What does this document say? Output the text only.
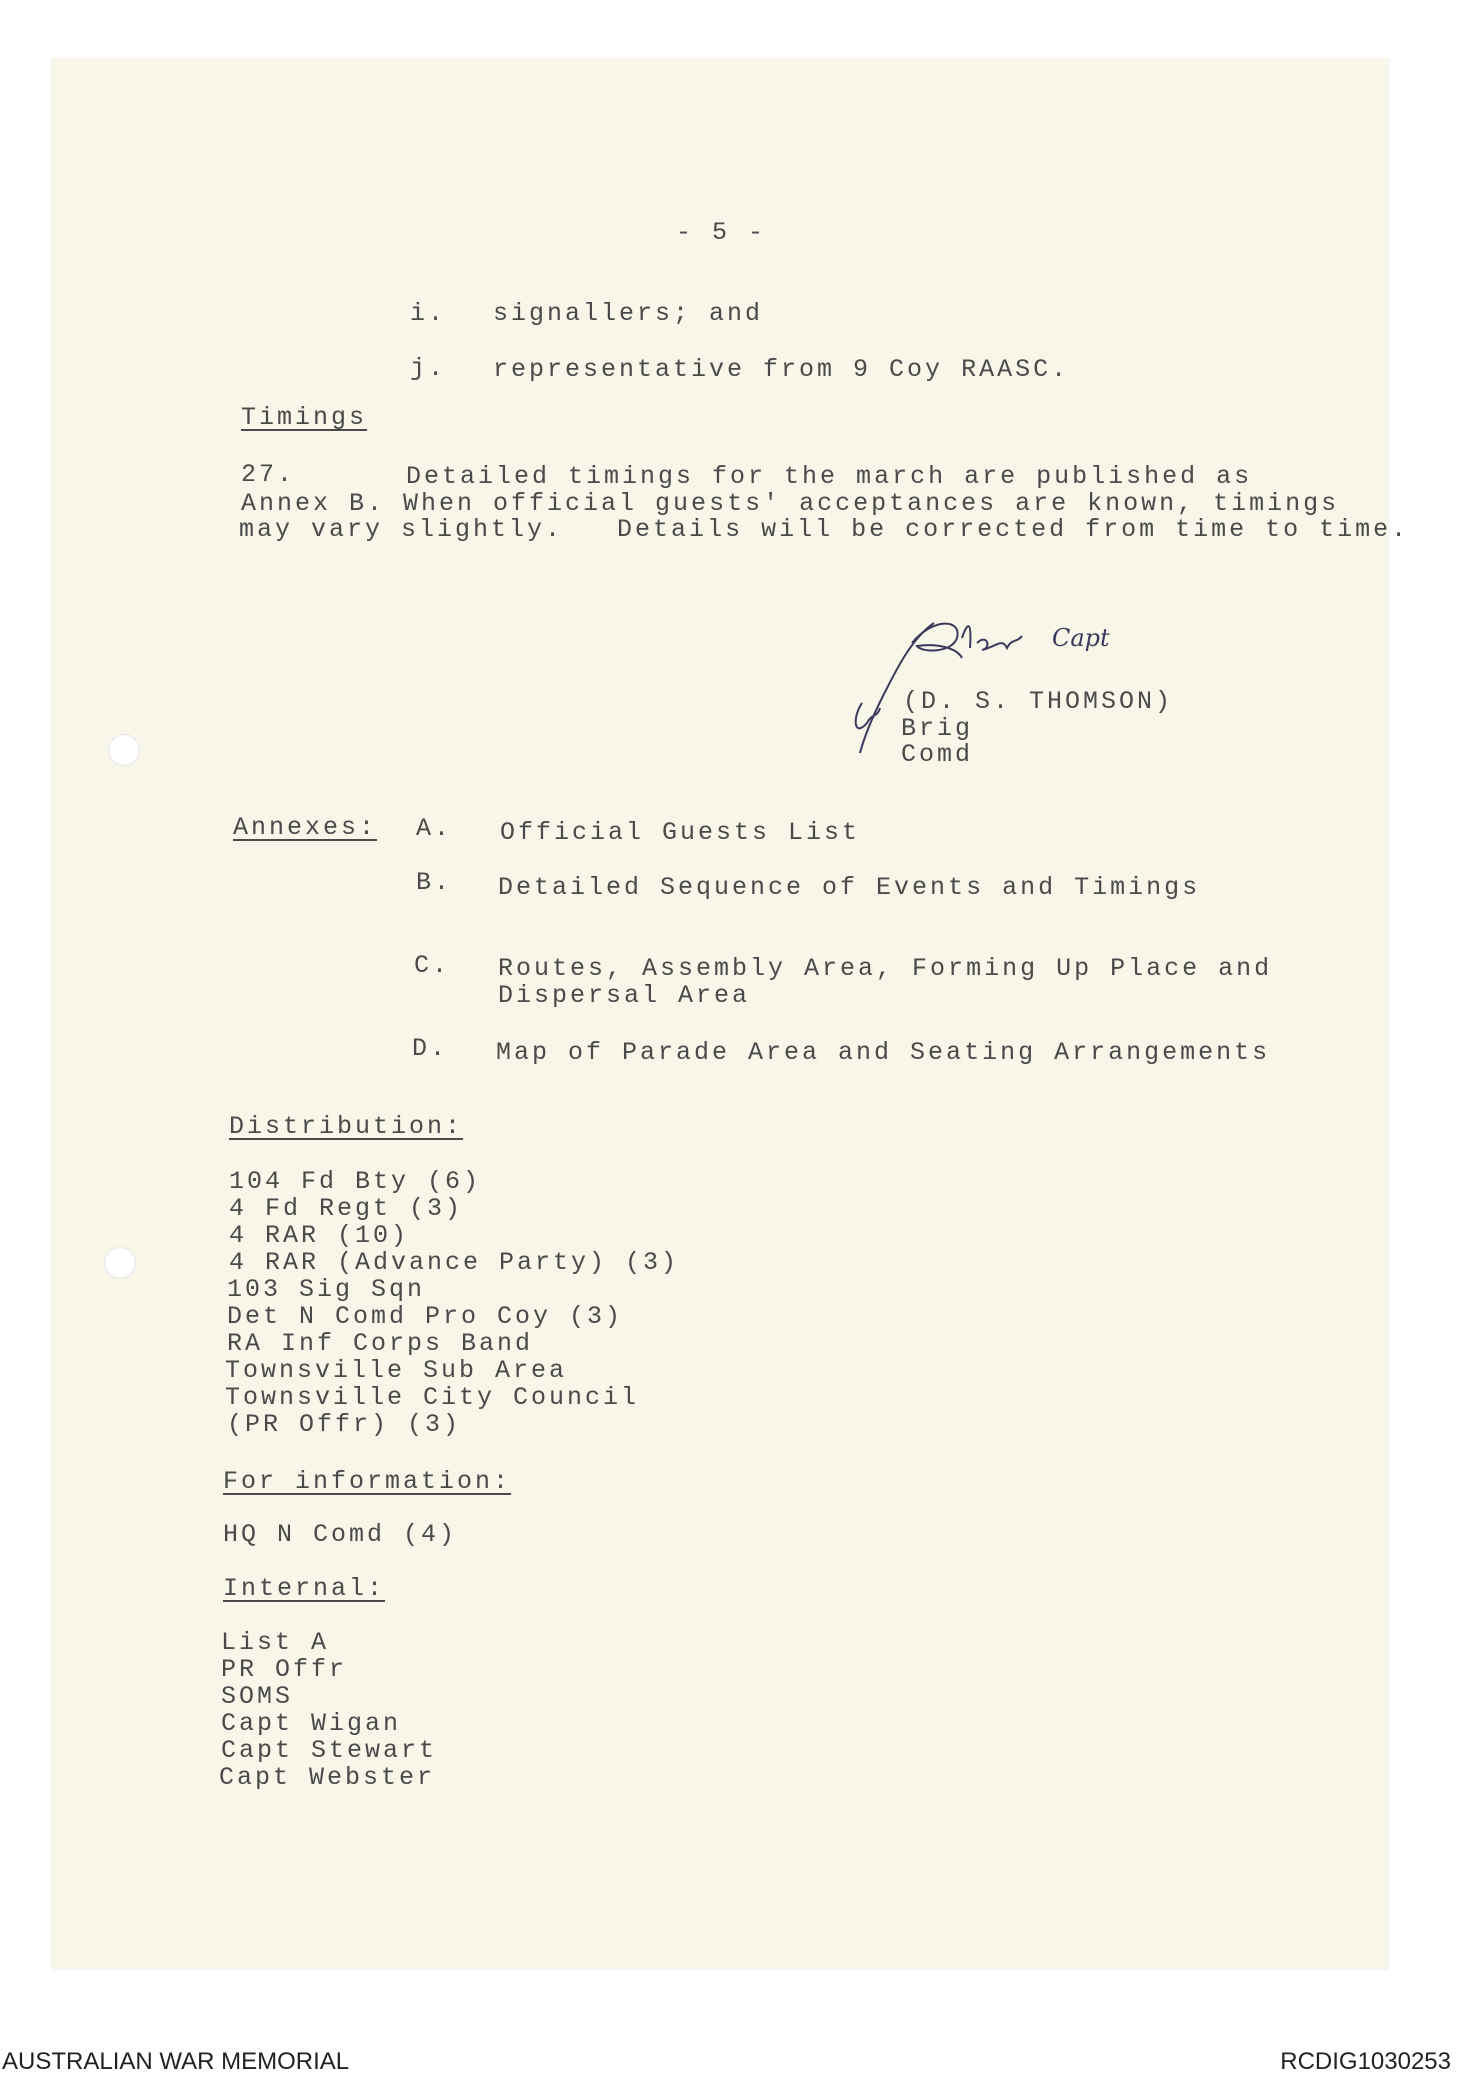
- 5 -
i. signallers; and
j. representative from 9 Coy RAASC.
Timings
27.	Detailed timings for the march are published as
Annex B. When official guests' acceptances are known, timings
may vary slightly.   Details will be corrected from time to time.
Capt
(D. S. THOMSON)
Brig
Comd
Annexes: A. Official Guests List
B. Detailed Sequence of Events and Timings
C. Routes, Assembly Area, Forming Up Place and
Dispersal Area
D. Map of Parade Area and Seating Arrangements
Distribution:
104 Fd Bty (6)
4 Fd Regt (3)
4 RAR (10)
4 RAR (Advance Party) (3)
103 Sig Sqn
Det N Comd Pro Coy (3)
RA Inf Corps Band
Townsville Sub Area
Townsville City Council
(PR Offr) (3)
For information:
HQ N Comd (4)
Internal:
List A
PR Offr
SOMS
Capt Wigan
Capt Stewart
Capt Webster
AUSTRALIAN WAR MEMORIAL	RCDIG1030253
